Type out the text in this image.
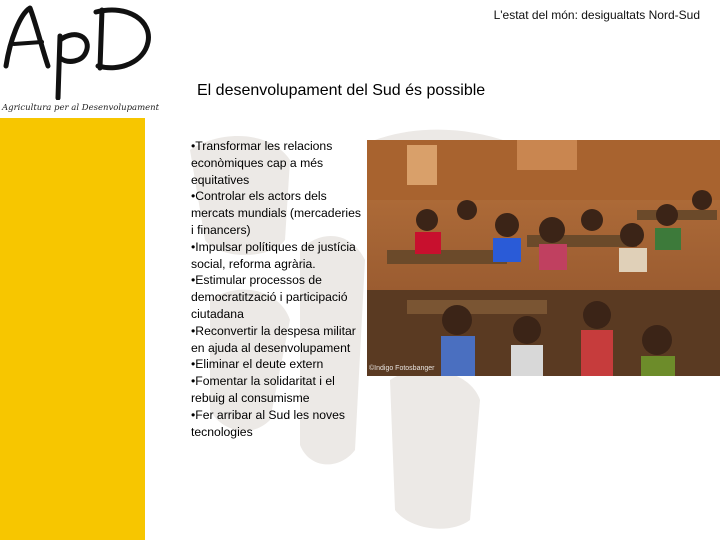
Agricultura per al Desenvolupament
L'estat del món: desigualtats Nord-Sud
El desenvolupament del Sud és possible
•Transformar les relacions econòmiques cap a més equitatives
•Controlar els actors dels mercats mundials (mercaderies i financers)
•Impulsar polítiques de justícia social, reforma agrària.
•Estimular processos de democratització i participació ciutadana
•Reconvertir la despesa militar en ajuda al desenvolupament
•Eliminar el deute extern
•Fomentar la solidaritat i el rebuig al consumisme
•Fer arribar al Sud les noves tecnologies
©Indigo Fotosbanger
